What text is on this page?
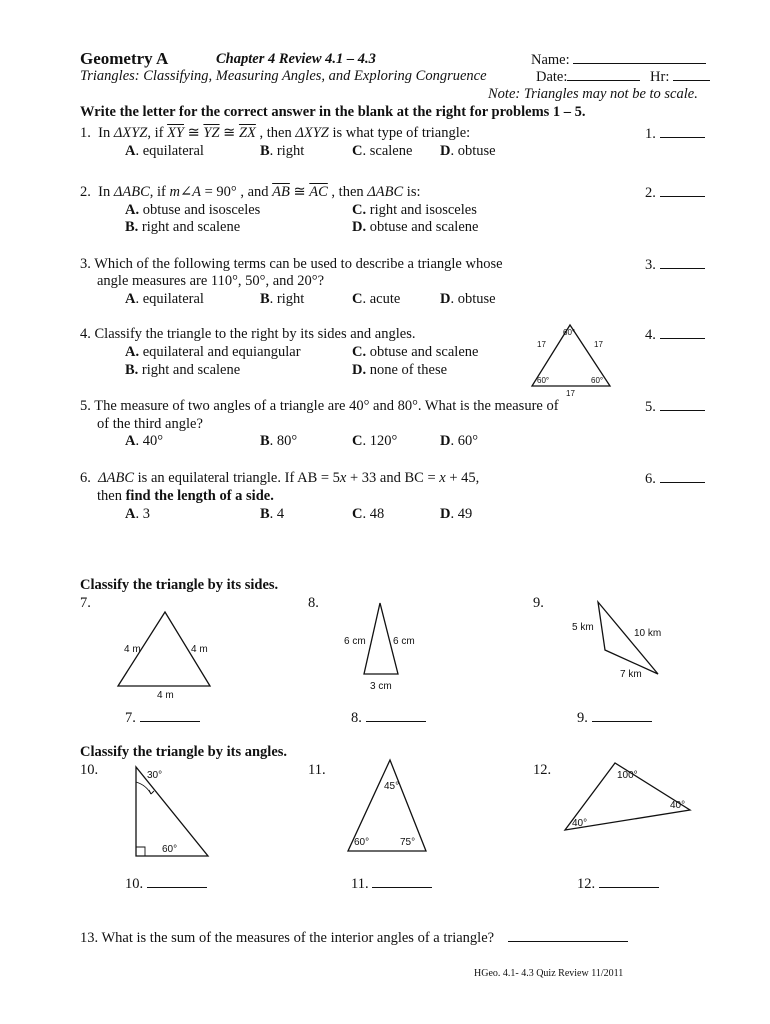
Geometry A	Chapter 4 Review 4.1 – 4.3	Name:
Triangles: Classifying, Measuring Angles, and Exploring Congruence	Date:	Hr:
Note: Triangles may not be to scale.
Write the letter for the correct answer in the blank at the right for problems 1 – 5.
1. In ΔXYZ, if $\overline{XY}$ ≅ $\overline{YZ}$ ≅ $\overline{ZX}$ , then ΔXYZ is what type of triangle:
A. equilateral	B. right	C. scalene D. obtuse
1.
2. In ΔABC, if m∠A = 90° , and $\overline{AB}$ ≅ $\overline{AC}$ , then ΔABC is:
A. obtuse and isosceles	C. right and isosceles
B. right and scalene	D. obtuse and scalene
2.
3. Which of the following terms can be used to describe a triangle whose
angle measures are 110°, 50°, and 20°?
A. equilateral	B. right	C. acute	D. obtuse
3.
4. Classify the triangle to the right by its sides and angles.
A. equilateral and equiangular	C. obtuse and scalene
B. right and scalene	D. none of these
4.
60°
17	17
60°	60°
17
5. The measure of two angles of a triangle are 40° and 80°. What is the measure of
of the third angle?
A. 40°	B. 80°	C. 120°	D. 60°
5.
6. ΔABC is an equilateral triangle. If AB = 5x + 33 and BC = x + 45,
then find the length of a side.
A. 3	B. 4	C. 48	D. 49
6.
Classify the triangle by its sides.
7.	8.	9.
4 m	4 m
4 m
6 cm	6 cm
3 cm
5 km
10 km
7 km
7.	8.	9.
Classify the triangle by its angles.
10.	11.	12.
30°
60°
45°
60°	75°
100°
40°
40°
10.	11.	12.
13. What is the sum of the measures of the interior angles of a triangle?
HGeo. 4.1- 4.3 Quiz Review 11/2011
